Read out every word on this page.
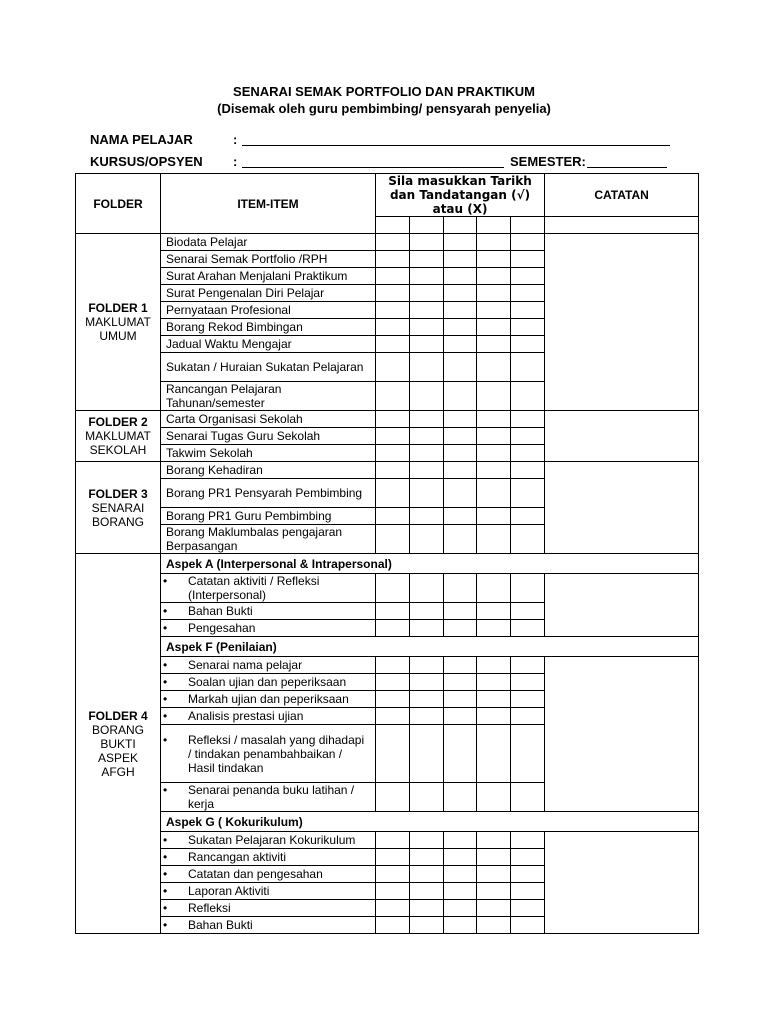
SENARAI SEMAK PORTFOLIO DAN PRAKTIKUM
(Disemak oleh guru pembimbing/ pensyarah penyelia)
NAMA PELAJAR	:
KURSUS/OPSYEN :	SEMESTER:
FOLDER	ITEM-ITEM	Sila masukkan Tarikh dan Tandatangan (√) atau (X)	CATATAN

FOLDER 1
MAKLUMAT
UMUM
	Biodata Pelajar						
Senarai Semak Portfolio /RPH					
Surat Arahan Menjalani Praktikum					
Surat Pengenalan Diri Pelajar					
Pernyataan Profesional					
Borang Rekod Bimbingan					
Jadual Waktu Mengajar					
Sukatan / Huraian Sukatan Pelajaran					
Rancangan Pelajaran Tahunan/semester					

FOLDER 2
MAKLUMAT
SEKOLAH
	Carta Organisasi Sekolah						
Senarai Tugas Guru Sekolah					
Takwim Sekolah					

FOLDER 3
SENARAI
BORANG
	Borang Kehadiran						
Borang PR1 Pensyarah Pembimbing					
Borang PR1 Guru Pembimbing					
Borang Maklumbalas pengajaran Berpasangan					

FOLDER 4
BORANG
BUKTI
ASPEK
AFGH
	Aspek A (Interpersonal & Intrapersonal)

•	Catatan aktiviti / Refleksi (Interpersonal)

•	Bahan Bukti

•	Pengesahan

Aspek F (Penilaian)

•	Senarai nama pelajar

•	Soalan ujian dan peperiksaan

•	Markah ujian dan peperiksaan

•	Analisis prestasi ujian

•	Refleksi / masalah yang dihadapi / tindakan penambahbaikan / Hasil tindakan

•	Senarai penanda buku latihan / kerja

Aspek G ( Kokurikulum)

•	Sukatan Pelajaran Kokurikulum

•	Rancangan aktiviti

•	Catatan dan pengesahan

•	Laporan Aktiviti

•	Refleksi

•	Bahan Bukti
